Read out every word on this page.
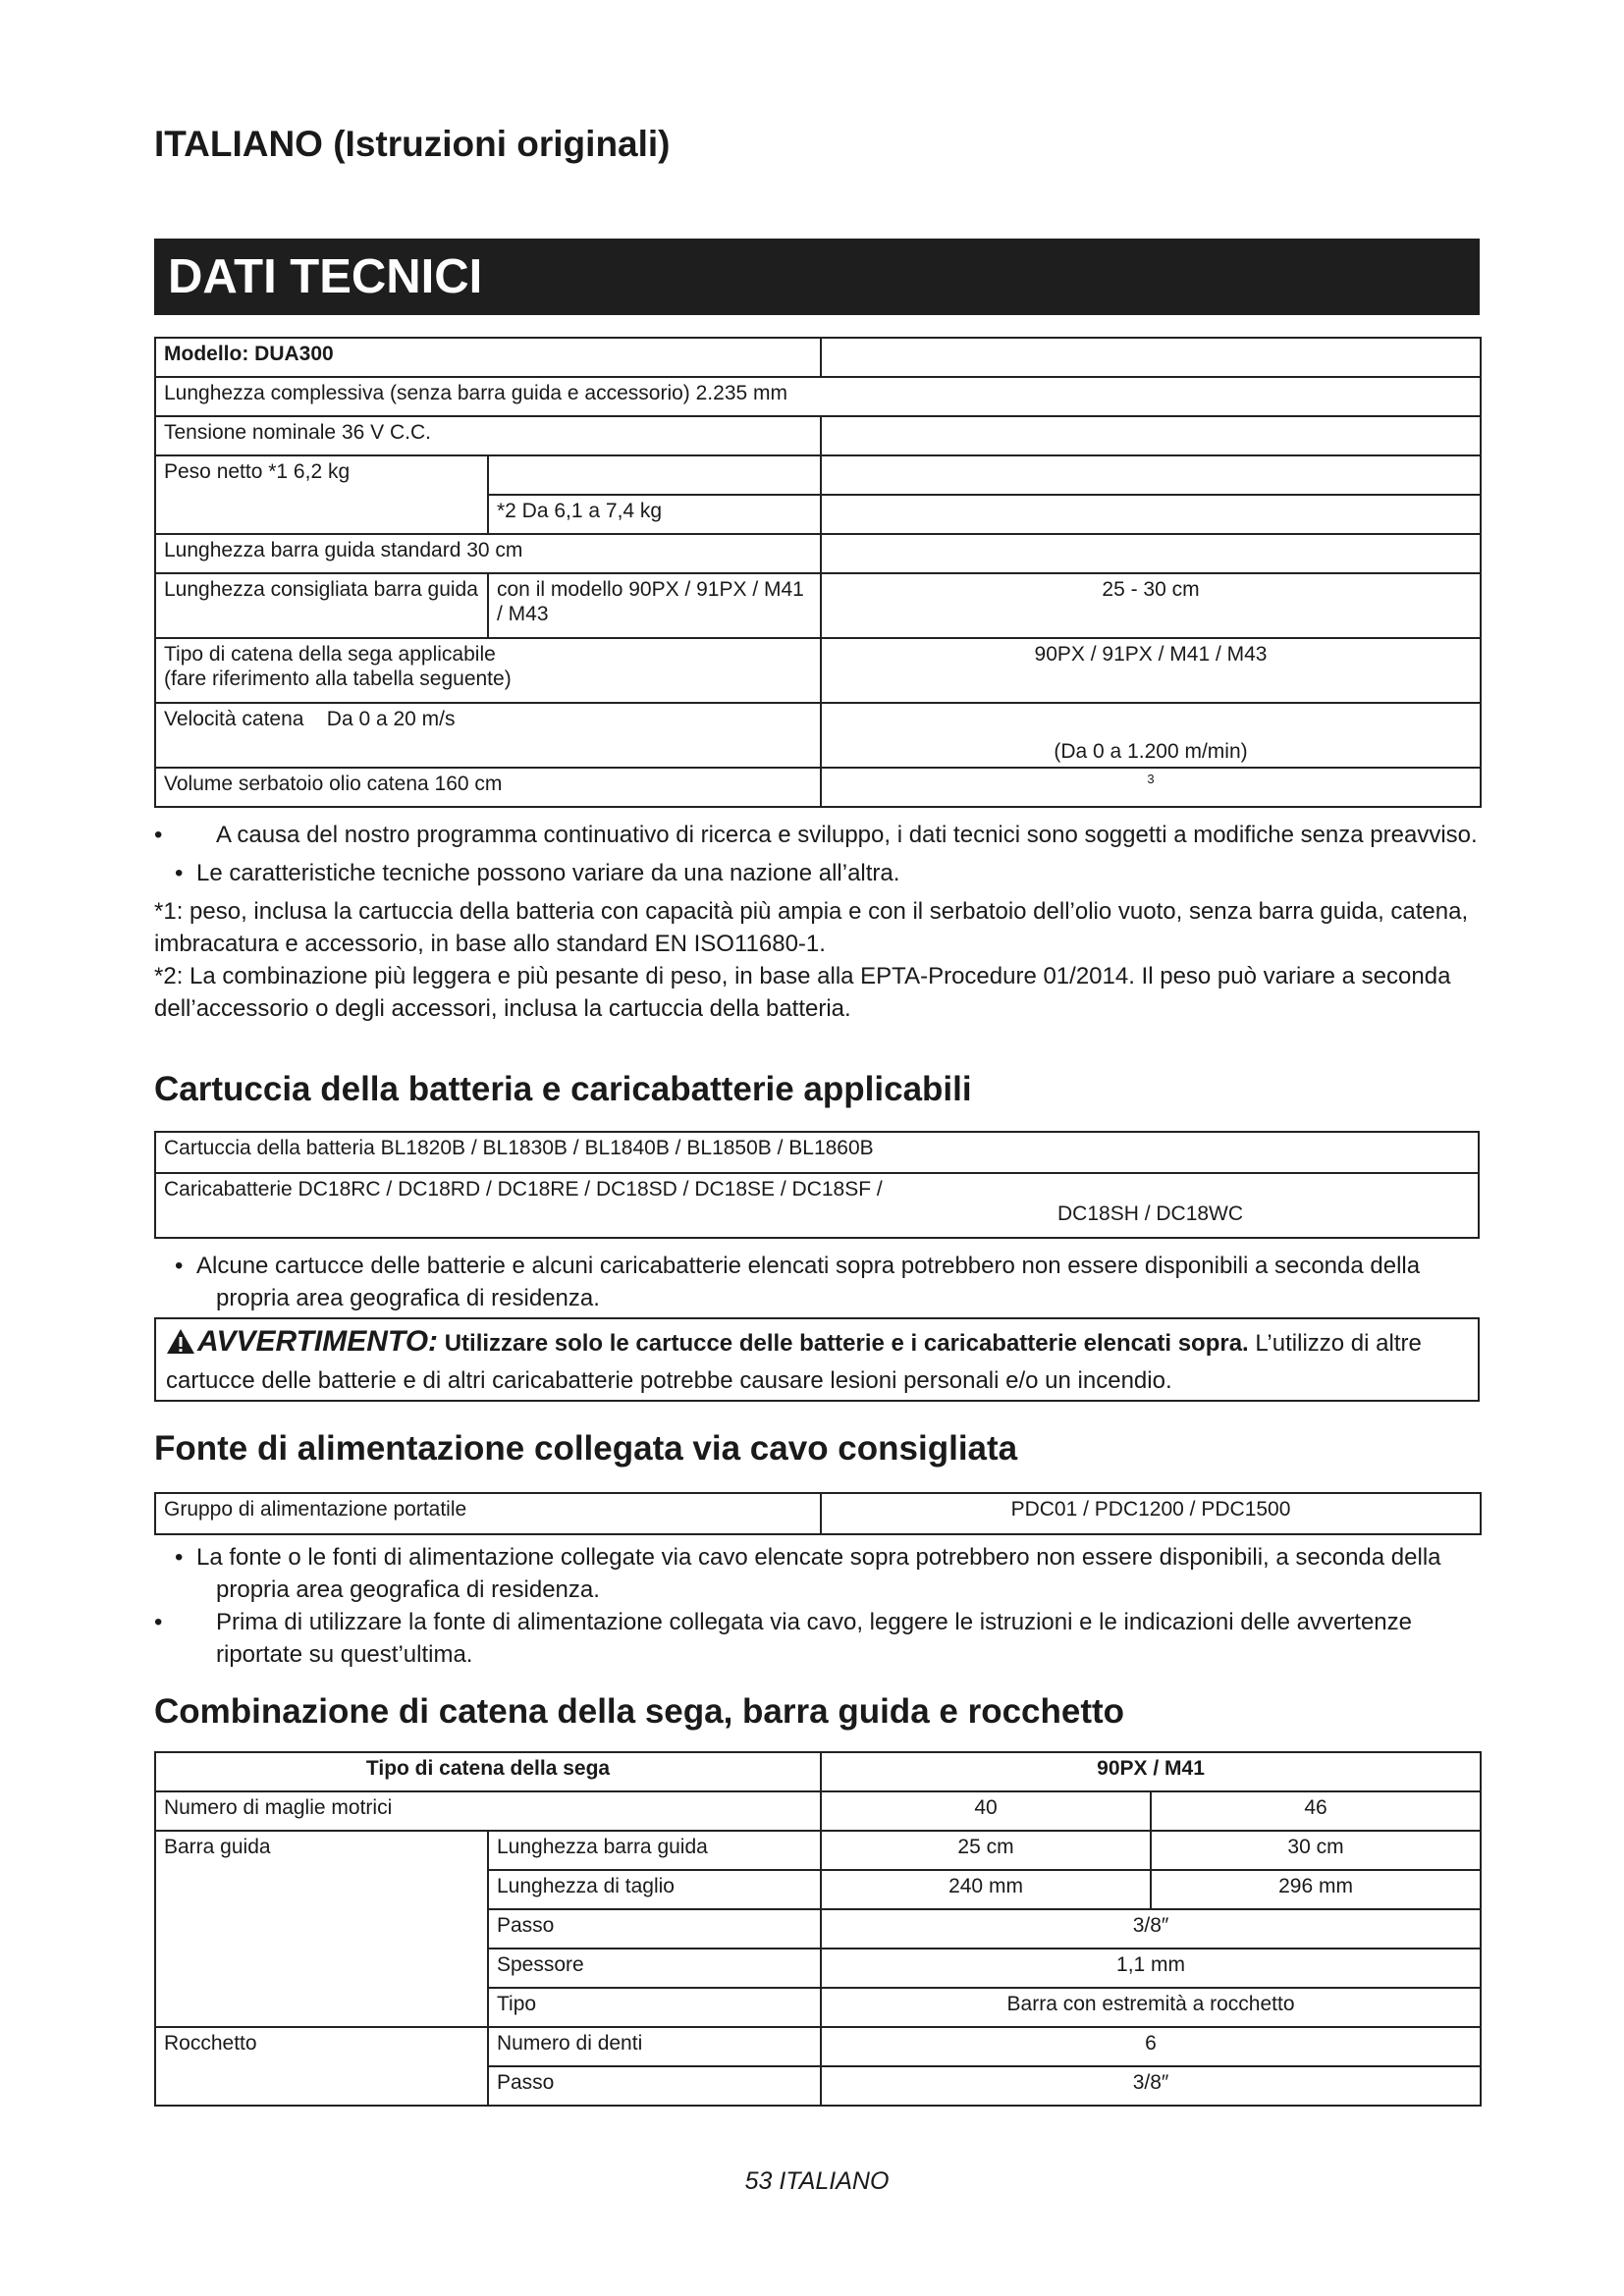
ITALIANO (Istruzioni originali)
DATI TECNICI
Modello: DUA300		
Lunghezza complessiva (senza barra guida e accessorio) 2.235 mm		
Tensione nominale 36 V C.C.		
Peso netto *1 6,2 kg		
	*2 Da 6,1 a 7,4 kg	
Lunghezza barra guida standard 30 cm		
Lunghezza consigliata barra guida	con il modello 90PX / 91PX / M41 / M43	25 - 30 cm

Tipo di catena della sega applicabile
(fare riferimento alla tabella seguente)		90PX / 91PX / M41 / M43
Velocità catena Da 0 a 20 m/s		(Da 0 a 1.200 m/min)
Volume serbatoio olio catena 160 cm		3
• A causa del nostro programma continuativo di ricerca e sviluppo, i dati tecnici sono soggetti a modifiche senza preavviso.
• Le caratteristiche tecniche possono variare da una nazione all’altra.
*1: peso, inclusa la cartuccia della batteria con capacità più ampia e con il serbatoio dell’olio vuoto, senza barra guida, catena, imbracatura e accessorio, in base allo standard EN ISO11680-1.
*2: La combinazione più leggera e più pesante di peso, in base alla EPTA-Procedure 01/2014. Il peso può variare a seconda dell’accessorio o degli accessori, inclusa la cartuccia della batteria.
Cartuccia della batteria e caricabatterie applicabili
Cartuccia della batteria BL1820B / BL1830B / BL1840B / BL1850B / BL1860B

Caricabatterie DC18RC / DC18RD / DC18RE / DC18SD / DC18SE / DC18SF /
DC18SH / DC18WC
• Alcune cartucce delle batterie e alcuni caricabatterie elencati sopra potrebbero non essere disponibili a seconda della propria area geografica di residenza.
AVVERTIMENTO: Utilizzare solo le cartucce delle batterie e i caricabatterie elencati sopra. L’utilizzo di altre cartucce delle batterie e di altri caricabatterie potrebbe causare lesioni personali e/o un incendio.
Fonte di alimentazione collegata via cavo consigliata
Gruppo di alimentazione portatile	PDC01 / PDC1200 / PDC1500
• La fonte o le fonti di alimentazione collegate via cavo elencate sopra potrebbero non essere disponibili, a seconda della propria area geografica di residenza.
• Prima di utilizzare la fonte di alimentazione collegata via cavo, leggere le istruzioni e le indicazioni delle avvertenze riportate su quest’ultima.
Combinazione di catena della sega, barra guida e rocchetto
Tipo di catena della sega		90PX / M41	
Numero di maglie motrici		40	46
Barra guida	Lunghezza barra guida	25 cm	30 cm
	Lunghezza di taglio	240 mm	296 mm
	Passo	3/8″	
	Spessore	1,1 mm	
	Tipo	Barra con estremità a rocchetto	
Rocchetto	Numero di denti	6	
	Passo	3/8″	
53 ITALIANO
